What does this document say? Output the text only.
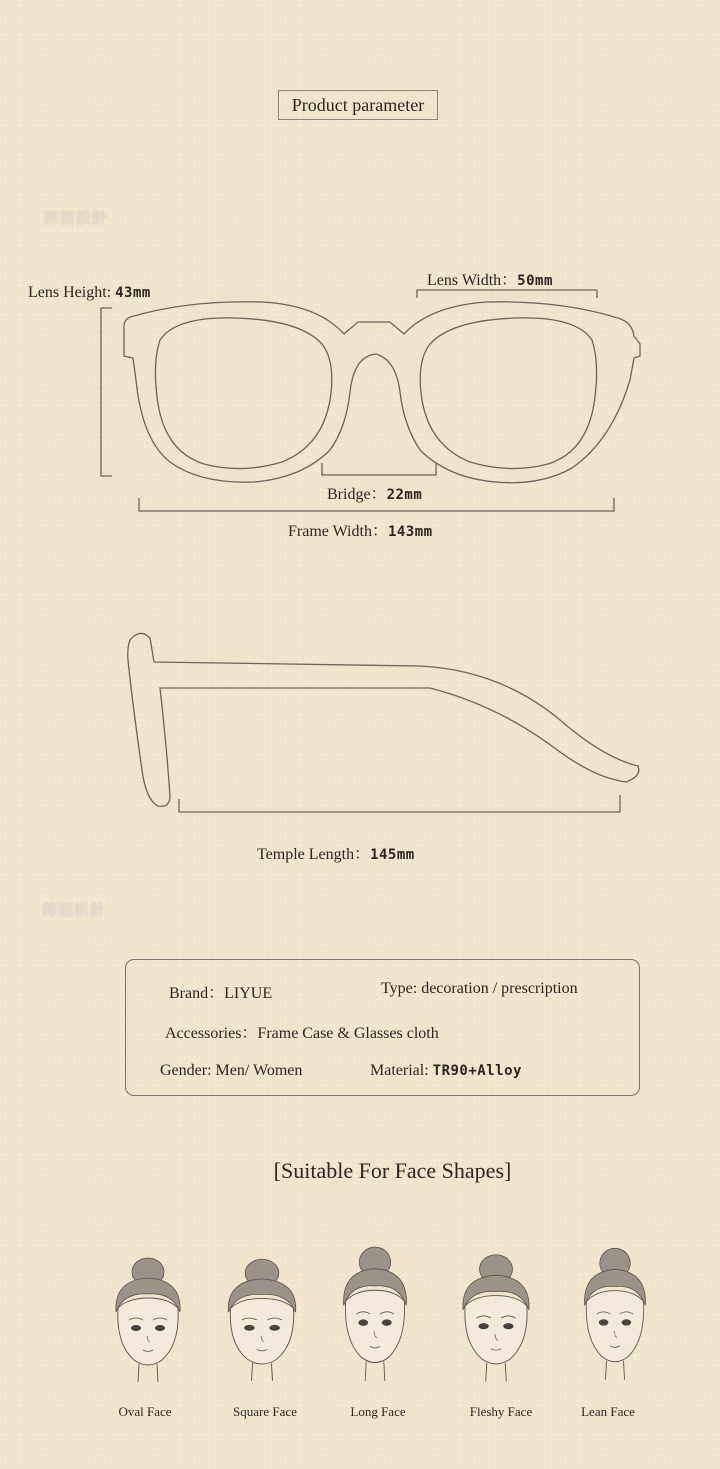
Product parameter
韓國設計
韓國設計
Lens Height: 43mm
Lens Width：50mm
Bridge：22mm
Frame Width：143mm
Temple Length：145mm
Brand：LIYUE	Type: decoration / prescription
Accessories：Frame Case & Glasses cloth
Gender: Men/ Women	Material: TR90+Alloy
[Suitable For Face Shapes]
Oval Face	Square Face	Long Face	Fleshy Face	Lean Face
